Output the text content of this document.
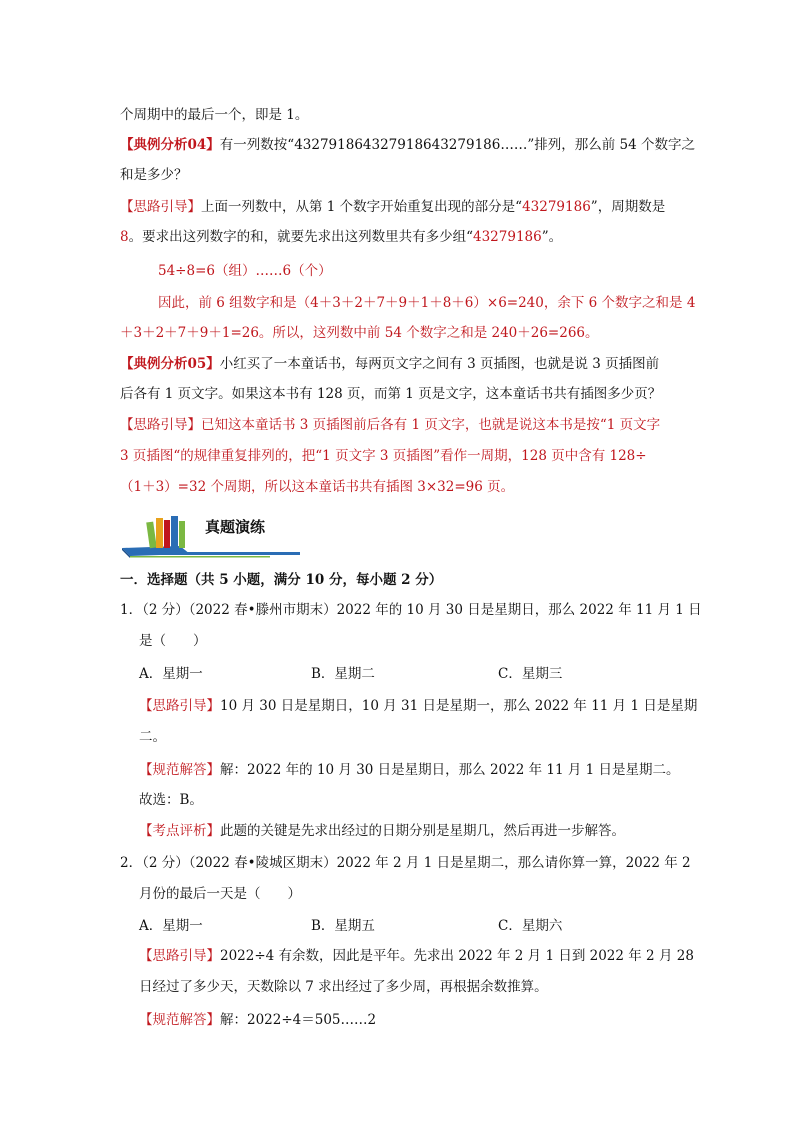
个周期中的最后一个，即是 1。
【典例分析04】有一列数按“432791864327918643279186……”排列，那么前 54 个数字之
和是多少？
【思路引导】上面一列数中，从第 1 个数字开始重复出现的部分是“43279186”，周期数是
8。要求出这列数字的和，就要先求出这列数里共有多少组“43279186”。
54÷8=6（组）……6（个）
因此，前 6 组数字和是（4＋3＋2＋7＋9＋1＋8＋6）×6=240，余下 6 个数字之和是 4
＋3＋2＋7＋9＋1=26。所以，这列数中前 54 个数字之和是 240＋26=266。
【典例分析05】小红买了一本童话书，每两页文字之间有 3 页插图，也就是说 3 页插图前
后各有 1 页文字。如果这本书有 128 页，而第 1 页是文字，这本童话书共有插图多少页？
【思路引导】已知这本童话书 3 页插图前后各有 1 页文字，也就是说这本书是按“1 页文字
3 页插图“的规律重复排列的，把“1 页文字 3 页插图”看作一周期，128 页中含有 128÷
（1＋3）=32 个周期，所以这本童话书共有插图 3×32=96 页。
真题演练
一．选择题（共 5 小题，满分 10 分，每小题 2 分）
1．（2 分）（2022 春•滕州市期末）2022 年的 10 月 30 日是星期日，那么 2022 年 11 月 1 日
是（　　）
A．星期一	B．星期二	C．星期三
【思路引导】10 月 30 日是星期日，10 月 31 日是星期一，那么 2022 年 11 月 1 日是星期
二。
【规范解答】解：2022 年的 10 月 30 日是星期日，那么 2022 年 11 月 1 日是星期二。
故选：B。
【考点评析】此题的关键是先求出经过的日期分别是星期几，然后再进一步解答。
2．（2 分）（2022 春•陵城区期末）2022 年 2 月 1 日是星期二，那么请你算一算，2022 年 2
月份的最后一天是（　　）
A．星期一	B．星期五	C．星期六
【思路引导】2022÷4 有余数，因此是平年。先求出 2022 年 2 月 1 日到 2022 年 2 月 28
日经过了多少天，天数除以 7 求出经过了多少周，再根据余数推算。
【规范解答】解：2022÷4＝505……2
